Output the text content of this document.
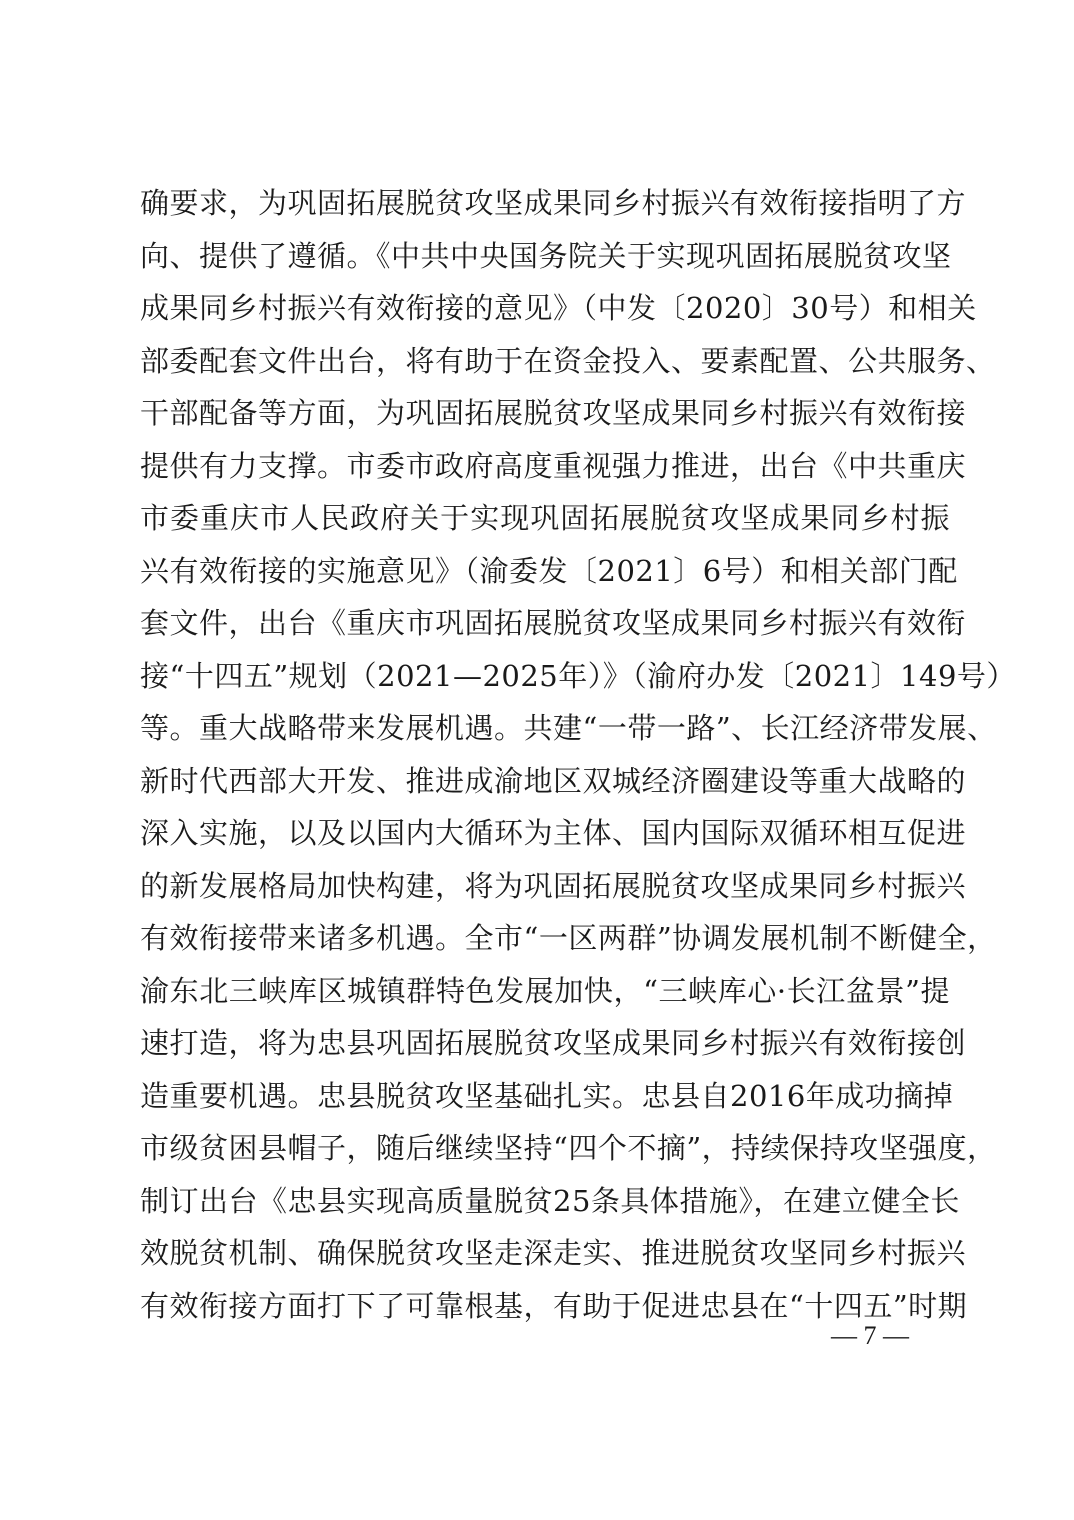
确要求，为巩固拓展脱贫攻坚成果同乡村振兴有效衔接指明了方
向、提供了遵循。《中共中央国务院关于实现巩固拓展脱贫攻坚
成果同乡村振兴有效衔接的意见》（中发〔2020〕30号）和相关
部委配套文件出台，将有助于在资金投入、要素配置、公共服务、
干部配备等方面，为巩固拓展脱贫攻坚成果同乡村振兴有效衔接
提供有力支撑。市委市政府高度重视强力推进，出台《中共重庆
市委重庆市人民政府关于实现巩固拓展脱贫攻坚成果同乡村振
兴有效衔接的实施意见》（渝委发〔2021〕6号）和相关部门配
套文件，出台《重庆市巩固拓展脱贫攻坚成果同乡村振兴有效衔
接“十四五”规划（2021—2025年）》（渝府办发〔2021〕149号）
等。重大战略带来发展机遇。共建“一带一路”、长江经济带发展、
新时代西部大开发、推进成渝地区双城经济圈建设等重大战略的
深入实施，以及以国内大循环为主体、国内国际双循环相互促进
的新发展格局加快构建，将为巩固拓展脱贫攻坚成果同乡村振兴
有效衔接带来诸多机遇。全市“一区两群”协调发展机制不断健全，
渝东北三峡库区城镇群特色发展加快，“三峡库心·长江盆景”提
速打造，将为忠县巩固拓展脱贫攻坚成果同乡村振兴有效衔接创
造重要机遇。忠县脱贫攻坚基础扎实。忠县自2016年成功摘掉
市级贫困县帽子，随后继续坚持“四个不摘”，持续保持攻坚强度，
制订出台《忠县实现高质量脱贫25条具体措施》，在建立健全长
效脱贫机制、确保脱贫攻坚走深走实、推进脱贫攻坚同乡村振兴
有效衔接方面打下了可靠根基，有助于促进忠县在“十四五”时期
— 7 —
